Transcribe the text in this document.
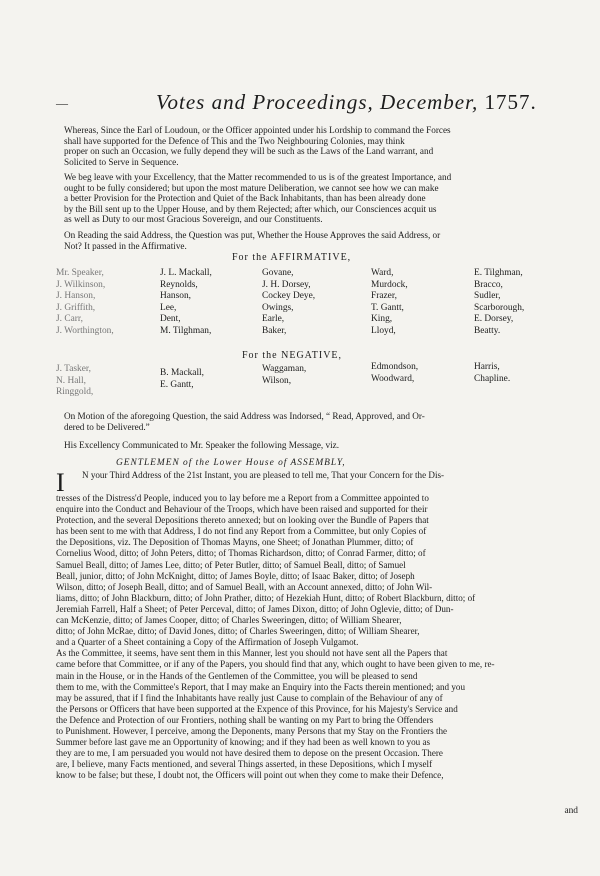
—	Votes and Proceedings, December, 1757.

Whereas, Since the Earl of Loudoun, or the Officer appointed under his Lordship to command the Forces
shall have supported for the Defence of This and the Two Neighbouring Colonies, may think
proper on such an Occasion, we fully depend they will be such as the Laws of the Land warrant, and
Solicited to Serve in Sequence.

We beg leave with your Excellency, that the Matter recommended to us is of the greatest Importance, and
ought to be fully considered; but upon the most mature Deliberation, we cannot see how we can make
a better Provision for the Protection and Quiet of the Back Inhabitants, than has been already done
by the Bill sent up to the Upper House, and by them Rejected; after which, our Consciences acquit us
as well as Duty to our most Gracious Sovereign, and our Constituents.

On Reading the said Address, the Question was put, Whether the House Approves the said Address, or
Not? It passed in the Affirmative.

For the AFFIRMATIVE,
Mr. Speaker,
J. Wilkinson,
J. Hanson,
J. Griffith,
J. Carr,
J. Worthington,
J. L. Mackall,
Reynolds,
Hanson,
Lee,
Dent,
M. Tilghman,
Govane,
J. H. Dorsey,
Cockey Deye,
Owings,
Earle,
Baker,
Ward,
Murdock,
Frazer,
T. Gantt,
King,
Lloyd,
E. Tilghman,
Bracco,
Sudler,
Scarborough,
E. Dorsey,
Beatty.
For the NEGATIVE,
J. Tasker,
N. Hall,
Ringgold,
B. Mackall,
E. Gantt,
Waggaman,
Wilson,
Edmondson,
Woodward,
Harris,
Chapline.

On Motion of the aforegoing Question, the said Address was Indorsed, “ Read, Approved, and Or-
dered to be Delivered.”

His Excellency Communicated to Mr. Speaker the following Message, viz.

GENTLEMEN of the Lower House of ASSEMBLY,
I N your Third Address of the 21st Instant, you are pleased to tell me, That your Concern for the Dis-
tresses of the Distress'd People, induced you to lay before me a Report from a Committee appointed to
enquire into the Conduct and Behaviour of the Troops, which have been raised and supported for their
Protection, and the several Depositions thereto annexed; but on looking over the Bundle of Papers that
has been sent to me with that Address, I do not find any Report from a Committee, but only Copies of
the Depositions, viz. The Deposition of Thomas Mayns, one Sheet; of Jonathan Plummer, ditto; of
Cornelius Wood, ditto; of John Peters, ditto; of Thomas Richardson, ditto; of Conrad Farmer, ditto; of
Samuel Beall, ditto; of James Lee, ditto; of Peter Butler, ditto; of Samuel Beall, ditto; of Samuel
Beall, junior, ditto; of John McKnight, ditto; of James Boyle, ditto; of Isaac Baker, ditto; of Joseph
Wilson, ditto; of Joseph Beall, ditto; and of Samuel Beall, with an Account annexed, ditto; of John Wil-
liams, ditto; of John Blackburn, ditto; of John Prather, ditto; of Hezekiah Hunt, ditto; of Robert Blackburn, ditto; of
Jeremiah Farrell, Half a Sheet; of Peter Perceval, ditto; of James Dixon, ditto; of John Oglevie, ditto; of Dun-
can McKenzie, ditto; of James Cooper, ditto; of Charles Sweeringen, ditto; of William Shearer,
ditto; of John McRae, ditto; of David Jones, ditto; of Charles Sweeringen, ditto; of William Shearer,
and a Quarter of a Sheet containing a Copy of the Affirmation of Joseph Vulgamot.
As the Committee, it seems, have sent them in this Manner, lest you should not have sent all the Papers that
came before that Committee, or if any of the Papers, you should find that any, which ought to have been given to me, re-
main in the House, or in the Hands of the Gentlemen of the Committee, you will be pleased to send
them to me, with the Committee's Report, that I may make an Enquiry into the Facts therein mentioned; and you
may be assured, that if I find the Inhabitants have really just Cause to complain of the Behaviour of any of
the Persons or Officers that have been supported at the Expence of this Province, for his Majesty's Service and
the Defence and Protection of our Frontiers, nothing shall be wanting on my Part to bring the Offenders
to Punishment. However, I perceive, among the Deponents, many Persons that my Stay on the Frontiers the
Summer before last gave me an Opportunity of knowing; and if they had been as well known to you as
they are to me, I am persuaded you would not have desired them to depose on the present Occasion. There
are, I believe, many Facts mentioned, and several Things asserted, in these Depositions, which I myself
know to be false; but these, I doubt not, the Officers will point out when they come to make their Defence,
and
